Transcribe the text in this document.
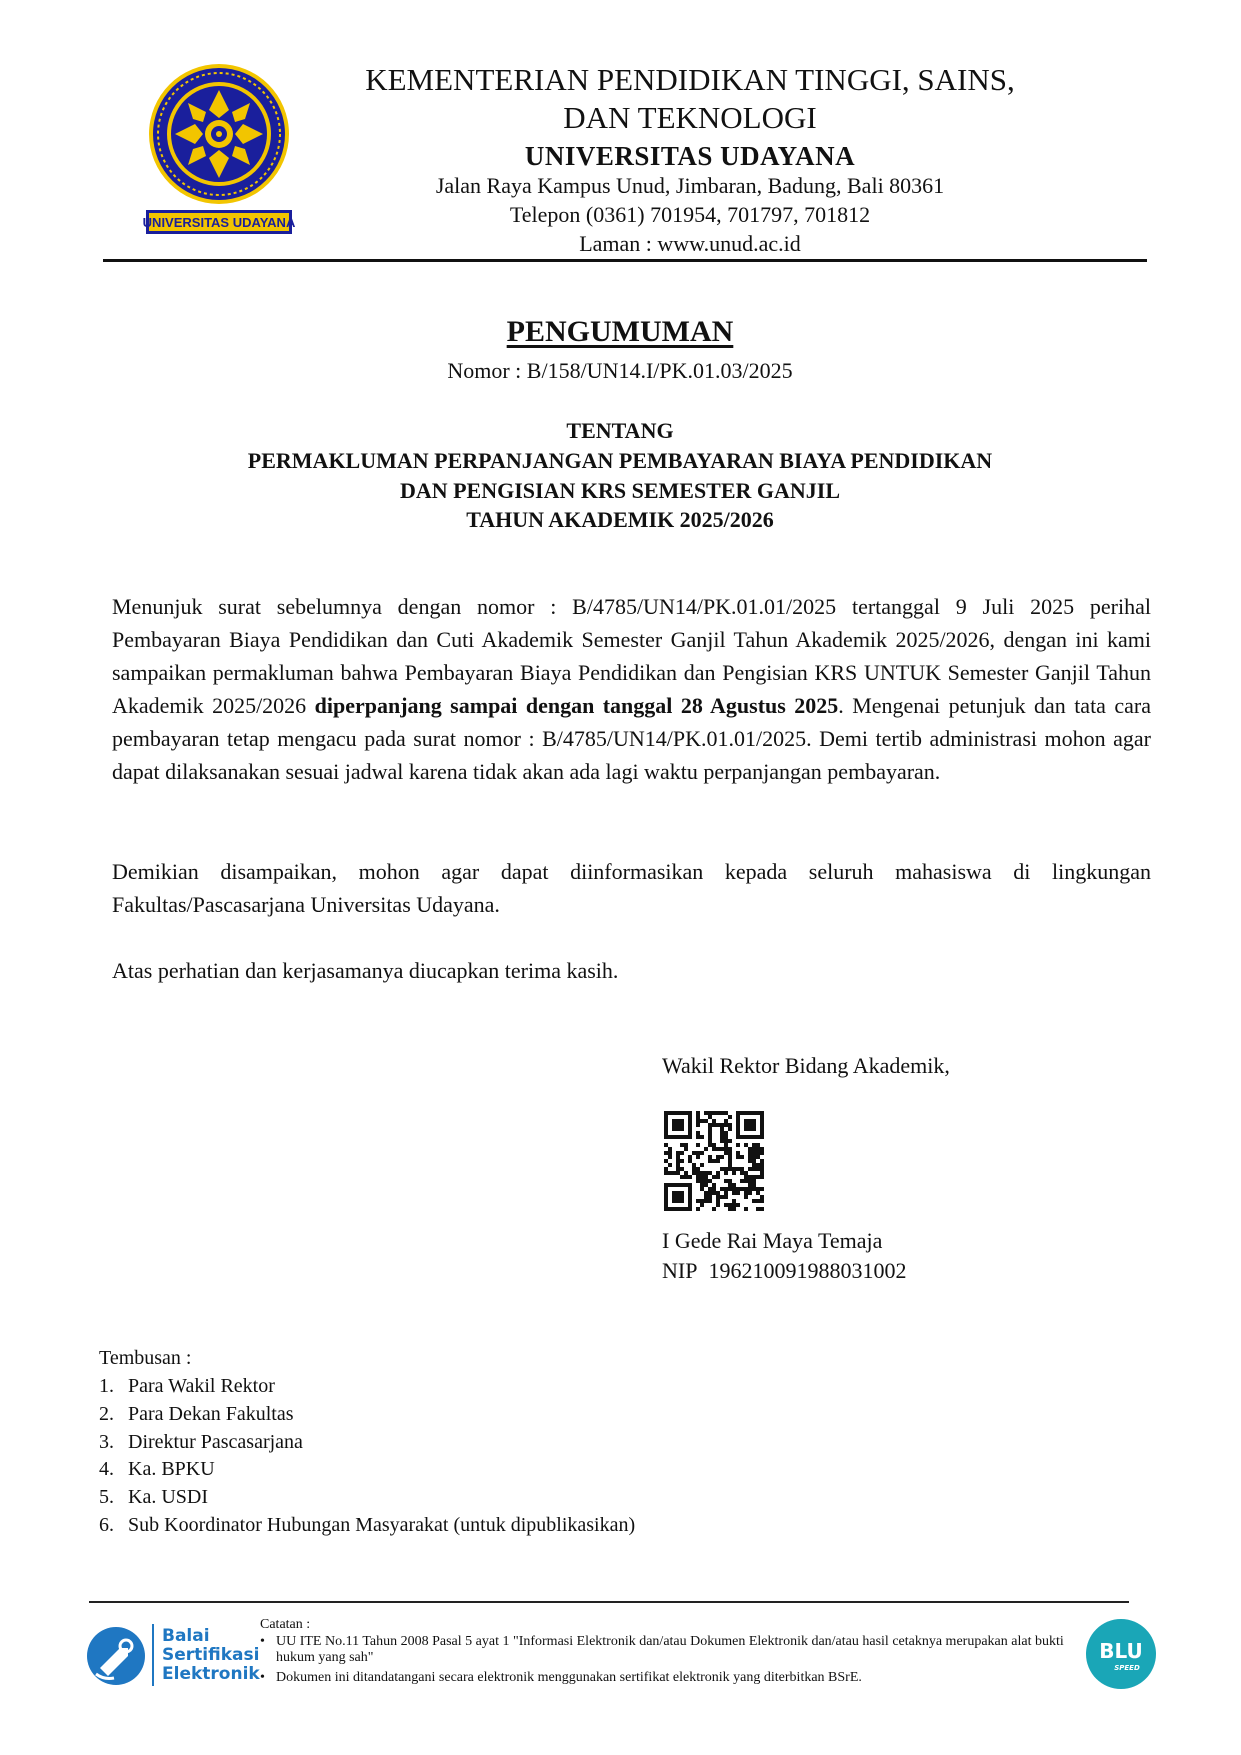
UNIVERSITAS UDAYANA
KEMENTERIAN PENDIDIKAN TINGGI, SAINS,
DAN TEKNOLOGI
UNIVERSITAS UDAYANA
Jalan Raya Kampus Unud, Jimbaran, Badung, Bali 80361
Telepon (0361) 701954, 701797, 701812
Laman : www.unud.ac.id
PENGUMUMAN
Nomor : B/158/UN14.I/PK.01.03/2025
TENTANG
PERMAKLUMAN PERPANJANGAN PEMBAYARAN BIAYA PENDIDIKAN
DAN PENGISIAN KRS SEMESTER GANJIL
TAHUN AKADEMIK 2025/2026
Menunjuk surat sebelumnya dengan nomor : B/4785/UN14/PK.01.01/2025 tertanggal 9 Juli 2025 perihal Pembayaran Biaya Pendidikan dan Cuti Akademik Semester Ganjil Tahun Akademik 2025/2026, dengan ini kami sampaikan permakluman bahwa Pembayaran Biaya Pendidikan dan Pengisian KRS UNTUK Semester Ganjil Tahun Akademik 2025/2026 diperpanjang sampai dengan tanggal 28 Agustus 2025. Mengenai petunjuk dan tata cara pembayaran tetap mengacu pada surat nomor : B/4785/UN14/PK.01.01/2025. Demi tertib administrasi mohon agar dapat dilaksanakan sesuai jadwal karena tidak akan ada lagi waktu perpanjangan pembayaran.
Demikian disampaikan, mohon agar dapat diinformasikan kepada seluruh mahasiswa di lingkungan Fakultas/Pascasarjana Universitas Udayana.
Atas perhatian dan kerjasamanya diucapkan terima kasih.
Wakil Rektor Bidang Akademik,
I Gede Rai Maya Temaja
NIP 196210091988031002
Tembusan :
1. Para Wakil Rektor
2. Para Dekan Fakultas
3. Direktur Pascasarjana
4. Ka. BPKU
5. Ka. USDI
6. Sub Koordinator Hubungan Masyarakat (untuk dipublikasikan)
Balai
Sertifikasi
Elektronik
Catatan :
• UU ITE No.11 Tahun 2008 Pasal 5 ayat 1 "Informasi Elektronik dan/atau Dokumen Elektronik dan/atau hasil cetaknya merupakan alat bukti hukum yang sah"
• Dokumen ini ditandatangani secara elektronik menggunakan sertifikat elektronik yang diterbitkan BSrE.
BLU
SPEED
